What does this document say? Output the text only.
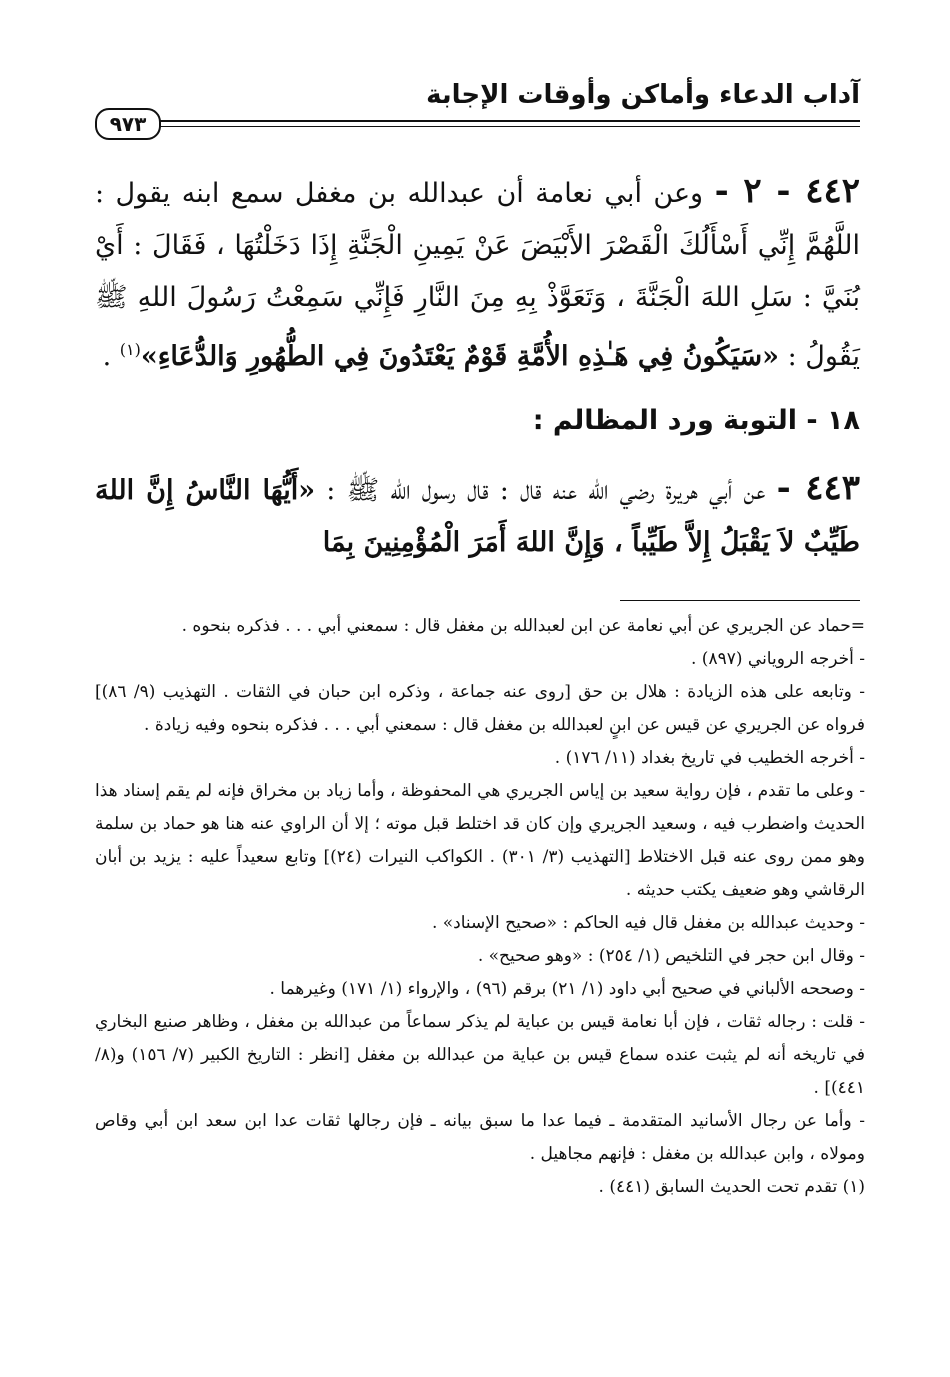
آداب الدعاء وأماكن وأوقات الإجابة
٩٧٣

٤٤٢ - ٢ - وعن أبي نعامة أن عبدالله بن مغفل سمع ابنه يقول : اللَّهُمَّ إِنِّي أَسْأَلُكَ الْقَصْرَ الأَبْيَضَ عَنْ يَمِينِ الْجَنَّةِ إِذَا دَخَلْتُهَا ، فَقَالَ : أَيْ بُنَيَّ : سَلِ اللهَ الْجَنَّةَ ، وَتَعَوَّذْ بِهِ مِنَ النَّارِ فَإِنِّي سَمِعْتُ رَسُولَ اللهِ ﷺ يَقُولُ : «سَيَكُونُ فِي هَـٰذِهِ الأُمَّةِ قَوْمٌ يَعْتَدُونَ فِي الطُّهُورِ وَالدُّعَاءِ»$^{(١)}$ .

١٨ - التوبة ورد المظالم :

٤٤٣ - عن أبي هريرة رضي الله عنه قال : قال رسول الله ﷺ : «أَيُّهَا النَّاسُ إِنَّ اللهَ طَيِّبٌ لاَ يَقْبَلُ إِلاَّ طَيِّباً ، وَإِنَّ اللهَ أَمَرَ الْمُؤْمِنِينَ بِمَا

=حماد عن الجريري عن أبي نعامة عن ابن لعبدالله بن مغفل قال : سمعني أبي . . . فذكره بنحوه .

- أخرجه الروياني (٨٩٧) .

- وتابعه على هذه الزيادة : هلال بن حق [روى عنه جماعة ، وذكره ابن حبان في الثقات . التهذيب (٩/ ٨٦)] فرواه عن الجريري عن قيس عن ابنٍ لعبدالله بن مغفل قال : سمعني أبي . . . فذكره بنحوه وفيه زيادة .

- أخرجه الخطيب في تاريخ بغداد (١١/ ١٧٦) .

- وعلى ما تقدم ، فإن رواية سعيد بن إياس الجريري هي المحفوظة ، وأما زياد بن مخراق فإنه لم يقم إسناد هذا الحديث واضطرب فيه ، وسعيد الجريري وإن كان قد اختلط قبل موته ؛ إلا أن الراوي عنه هنا هو حماد بن سلمة وهو ممن روى عنه قبل الاختلاط [التهذيب (٣/ ٣٠١) . الكواكب النيرات (٢٤)] وتابع سعيداً عليه : يزيد بن أبان الرقاشي وهو ضعيف يكتب حديثه .

- وحديث عبدالله بن مغفل قال فيه الحاكم : «صحيح الإسناد» .

- وقال ابن حجر في التلخيص (١/ ٢٥٤) : «وهو صحيح» .

- وصححه الألباني في صحيح أبي داود (١/ ٢١) برقم (٩٦) ، والإرواء (١/ ١٧١) وغيرهما .

- قلت : رجاله ثقات ، فإن أبا نعامة قيس بن عباية لم يذكر سماعاً من عبدالله بن مغفل ، وظاهر صنيع البخاري في تاريخه أنه لم يثبت عنده سماع قيس بن عباية من عبدالله بن مغفل [انظر : التاريخ الكبير (٧/ ١٥٦) و(٨/ ٤٤١)] .

- وأما عن رجال الأسانيد المتقدمة ـ فيما عدا ما سبق بيانه ـ فإن رجالها ثقات عدا ابن سعد ابن أبي وقاص ومولاه ، وابن عبدالله بن مغفل : فإنهم مجاهيل .

(١) تقدم تحت الحديث السابق (٤٤١) .
